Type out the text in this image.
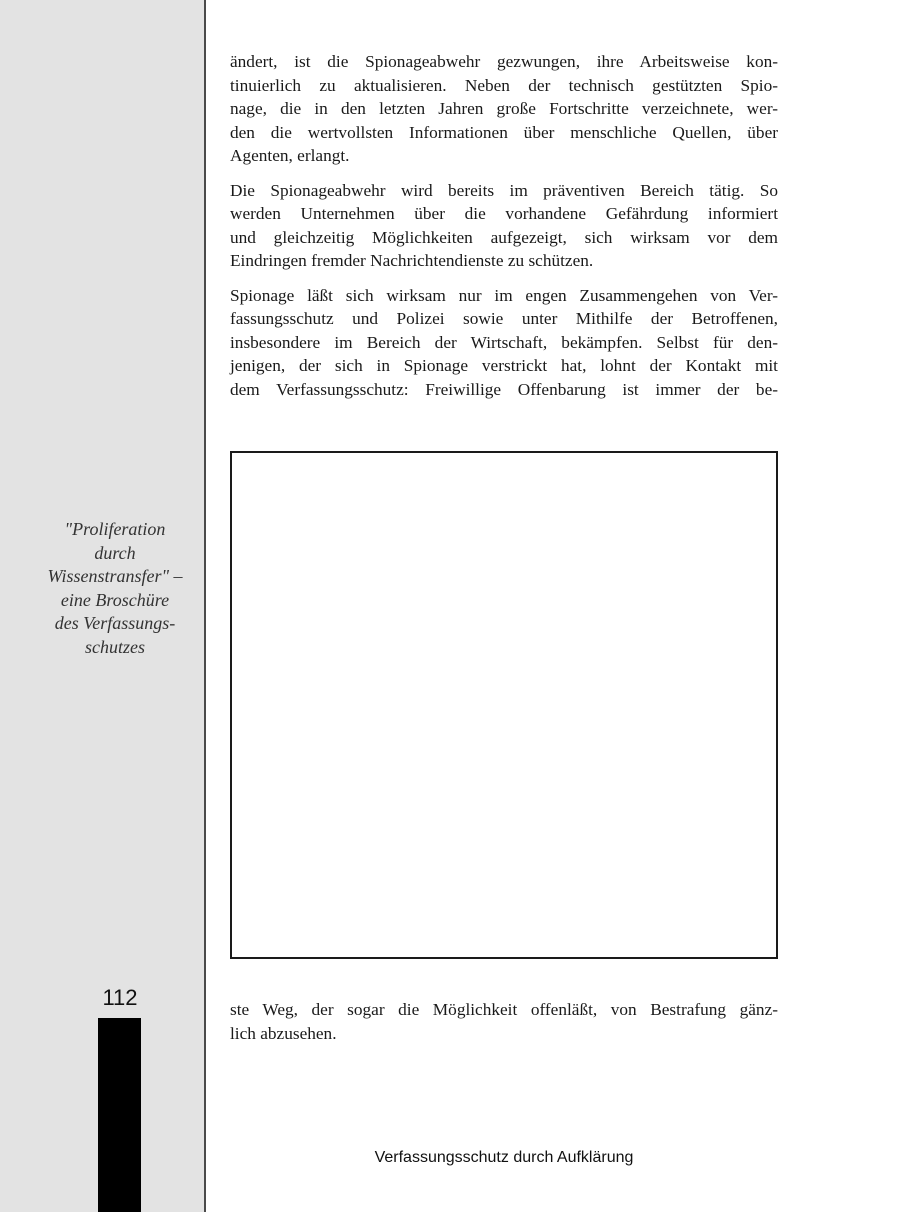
"Proliferation
durch
Wissenstransfer" –
eine Broschüre
des Verfassungs-
schutzes
112

ändert, ist die Spionageabwehr gezwungen, ihre Arbeitsweise kon-
tinuierlich zu aktualisieren. Neben der technisch gestützten Spio-
nage, die in den letzten Jahren große Fortschritte verzeichnete, wer-
den die wertvollsten Informationen über menschliche Quellen, über
Agenten, erlangt.

Die Spionageabwehr wird bereits im präventiven Bereich tätig. So
werden Unternehmen über die vorhandene Gefährdung informiert
und gleichzeitig Möglichkeiten aufgezeigt, sich wirksam vor dem
Eindringen fremder Nachrichtendienste zu schützen.

Spionage läßt sich wirksam nur im engen Zusammengehen von Ver-
fassungsschutz und Polizei sowie unter Mithilfe der Betroffenen,
insbesondere im Bereich der Wirtschaft, bekämpfen. Selbst für den-
jenigen, der sich in Spionage verstrickt hat, lohnt der Kontakt mit
dem Verfassungsschutz: Freiwillige Offenbarung ist immer der be-

ste Weg, der sogar die Möglichkeit offenläßt, von Bestrafung gänz-
lich abzusehen.

Verfassungsschutz durch Aufklärung
